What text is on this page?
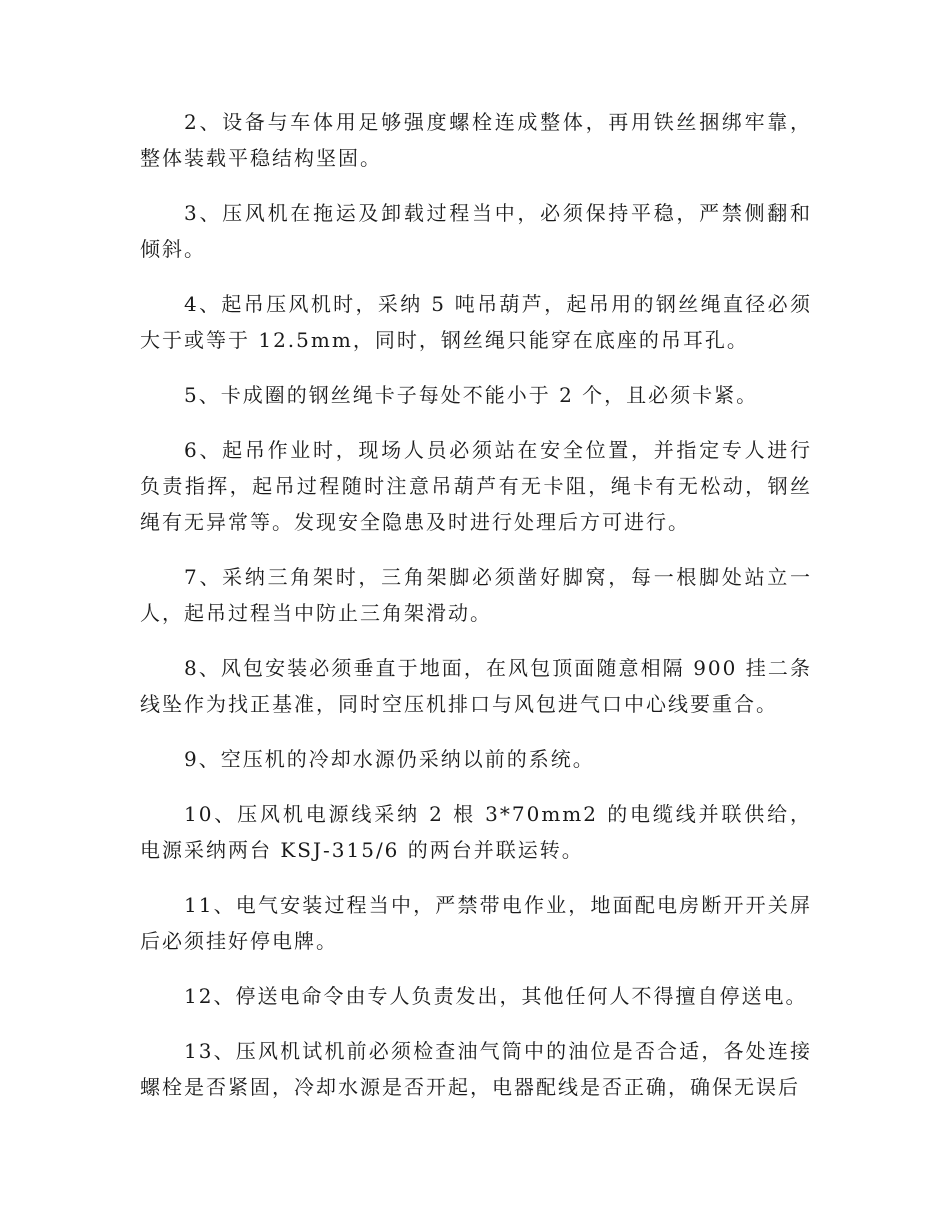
2、设备与车体用足够强度螺栓连成整体，再用铁丝捆绑牢靠，整体装载平稳结构坚固。

3、压风机在拖运及卸载过程当中，必须保持平稳，严禁侧翻和倾斜。

4、起吊压风机时，采纳 5 吨吊葫芦，起吊用的钢丝绳直径必须大于或等于 12.5mm，同时，钢丝绳只能穿在底座的吊耳孔。

5、卡成圈的钢丝绳卡子每处不能小于 2 个，且必须卡紧。

6、起吊作业时，现场人员必须站在安全位置，并指定专人进行负责指挥，起吊过程随时注意吊葫芦有无卡阻，绳卡有无松动，钢丝绳有无异常等。发现安全隐患及时进行处理后方可进行。

7、采纳三角架时，三角架脚必须凿好脚窝，每一根脚处站立一人，起吊过程当中防止三角架滑动。

8、风包安装必须垂直于地面，在风包顶面随意相隔 900 挂二条线坠作为找正基准，同时空压机排口与风包进气口中心线要重合。

9、空压机的冷却水源仍采纳以前的系统。

10、压风机电源线采纳 2 根 3*70mm2 的电缆线并联供给，电源采纳两台 KSJ-315/6 的两台并联运转。

11、电气安装过程当中，严禁带电作业，地面配电房断开开关屏后必须挂好停电牌。

12、停送电命令由专人负责发出，其他任何人不得擅自停送电。

13、压风机试机前必须检查油气筒中的油位是否合适，各处连接螺栓是否紧固，冷却水源是否开起，电器配线是否正确，确保无误后
